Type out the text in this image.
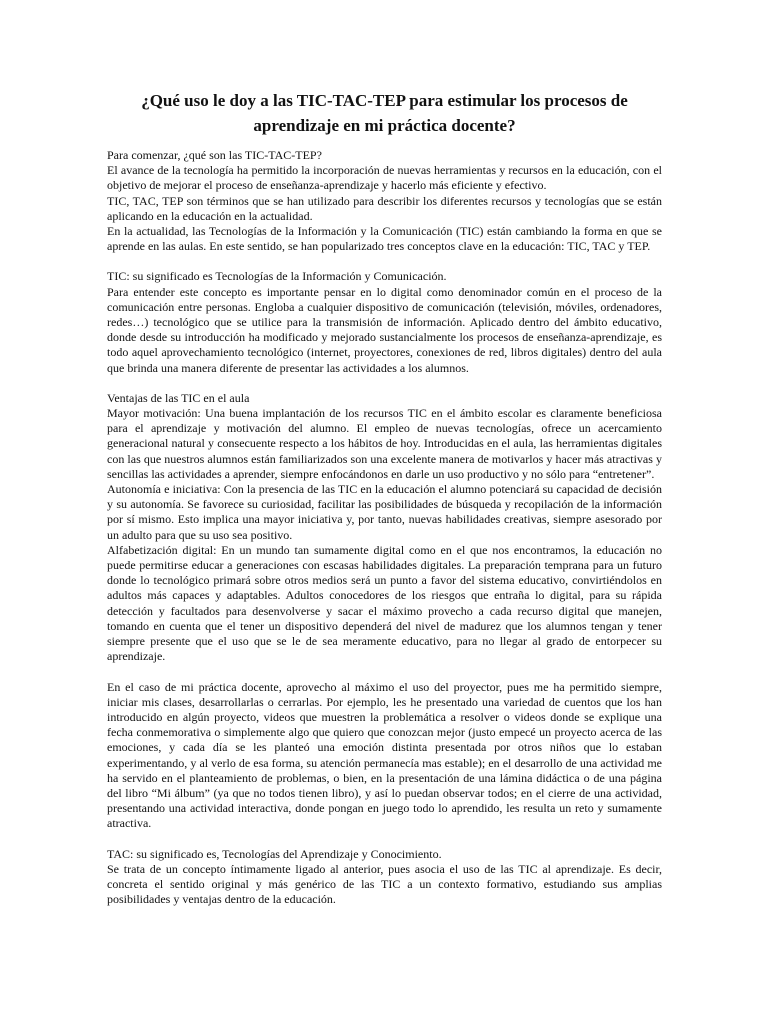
¿Qué uso le doy a las TIC-TAC-TEP para estimular los procesos de aprendizaje en mi práctica docente?

Para comenzar, ¿qué son las TIC-TAC-TEP?

El avance de la tecnología ha permitido la incorporación de nuevas herramientas y recursos en la educación, con el objetivo de mejorar el proceso de enseñanza-aprendizaje y hacerlo más eficiente y efectivo.

TIC, TAC, TEP son términos que se han utilizado para describir los diferentes recursos y tecnologías que se están aplicando en la educación en la actualidad.

En la actualidad, las Tecnologías de la Información y la Comunicación (TIC) están cambiando la forma en que se aprende en las aulas. En este sentido, se han popularizado tres conceptos clave en la educación: TIC, TAC y TEP.

TIC: su significado es Tecnologías de la Información y Comunicación.

Para entender este concepto es importante pensar en lo digital como denominador común en el proceso de la comunicación entre personas. Engloba a cualquier dispositivo de comunicación (televisión, móviles, ordenadores, redes…) tecnológico que se utilice para la transmisión de información. Aplicado dentro del ámbito educativo, donde desde su introducción ha modificado y mejorado sustancialmente los procesos de enseñanza-aprendizaje, es todo aquel aprovechamiento tecnológico (internet, proyectores, conexiones de red, libros digitales) dentro del aula que brinda una manera diferente de presentar las actividades a los alumnos.

Ventajas de las TIC en el aula

Mayor motivación: Una buena implantación de los recursos TIC en el ámbito escolar es claramente beneficiosa para el aprendizaje y motivación del alumno. El empleo de nuevas tecnologías, ofrece un acercamiento generacional natural y consecuente respecto a los hábitos de hoy. Introducidas en el aula, las herramientas digitales con las que nuestros alumnos están familiarizados son una excelente manera de motivarlos y hacer más atractivas y sencillas las actividades a aprender, siempre enfocándonos en darle un uso productivo y no sólo para “entretener”.

Autonomía e iniciativa: Con la presencia de las TIC en la educación el alumno potenciará su capacidad de decisión y su autonomía. Se favorece su curiosidad, facilitar las posibilidades de búsqueda y recopilación de la información por sí mismo. Esto implica una mayor iniciativa y, por tanto, nuevas habilidades creativas, siempre asesorado por un adulto para que su uso sea positivo.

Alfabetización digital: En un mundo tan sumamente digital como en el que nos encontramos, la educación no puede permitirse educar a generaciones con escasas habilidades digitales. La preparación temprana para un futuro donde lo tecnológico primará sobre otros medios será un punto a favor del sistema educativo, convirtiéndolos en adultos más capaces y adaptables. Adultos conocedores de los riesgos que entraña lo digital, para su rápida detección y facultados para desenvolverse y sacar el máximo provecho a cada recurso digital que manejen, tomando en cuenta que el tener un dispositivo dependerá del nivel de madurez que los alumnos tengan y tener siempre presente que el uso que se le de sea meramente educativo, para no llegar al grado de entorpecer su aprendizaje.

En el caso de mi práctica docente, aprovecho al máximo el uso del proyector, pues me ha permitido siempre, iniciar mis clases, desarrollarlas o cerrarlas. Por ejemplo, les he presentado una variedad de cuentos que los han introducido en algún proyecto, videos que muestren la problemática a resolver o videos donde se explique una fecha conmemorativa o simplemente algo que quiero que conozcan mejor (justo empecé un proyecto acerca de las emociones, y cada día se les planteó una emoción distinta presentada por otros niños que lo estaban experimentando, y al verlo de esa forma, su atención permanecía mas estable); en el desarrollo de una actividad me ha servido en el planteamiento de problemas, o bien, en la presentación de una lámina didáctica o de una página del libro “Mi álbum” (ya que no todos tienen libro), y así lo puedan observar todos; en el cierre de una actividad, presentando una actividad interactiva, donde pongan en juego todo lo aprendido, les resulta un reto y sumamente atractiva.

TAC: su significado es, Tecnologías del Aprendizaje y Conocimiento.

Se trata de un concepto íntimamente ligado al anterior, pues asocia el uso de las TIC al aprendizaje. Es decir, concreta el sentido original y más genérico de las TIC a un contexto formativo, estudiando sus amplias posibilidades y ventajas dentro de la educación.
